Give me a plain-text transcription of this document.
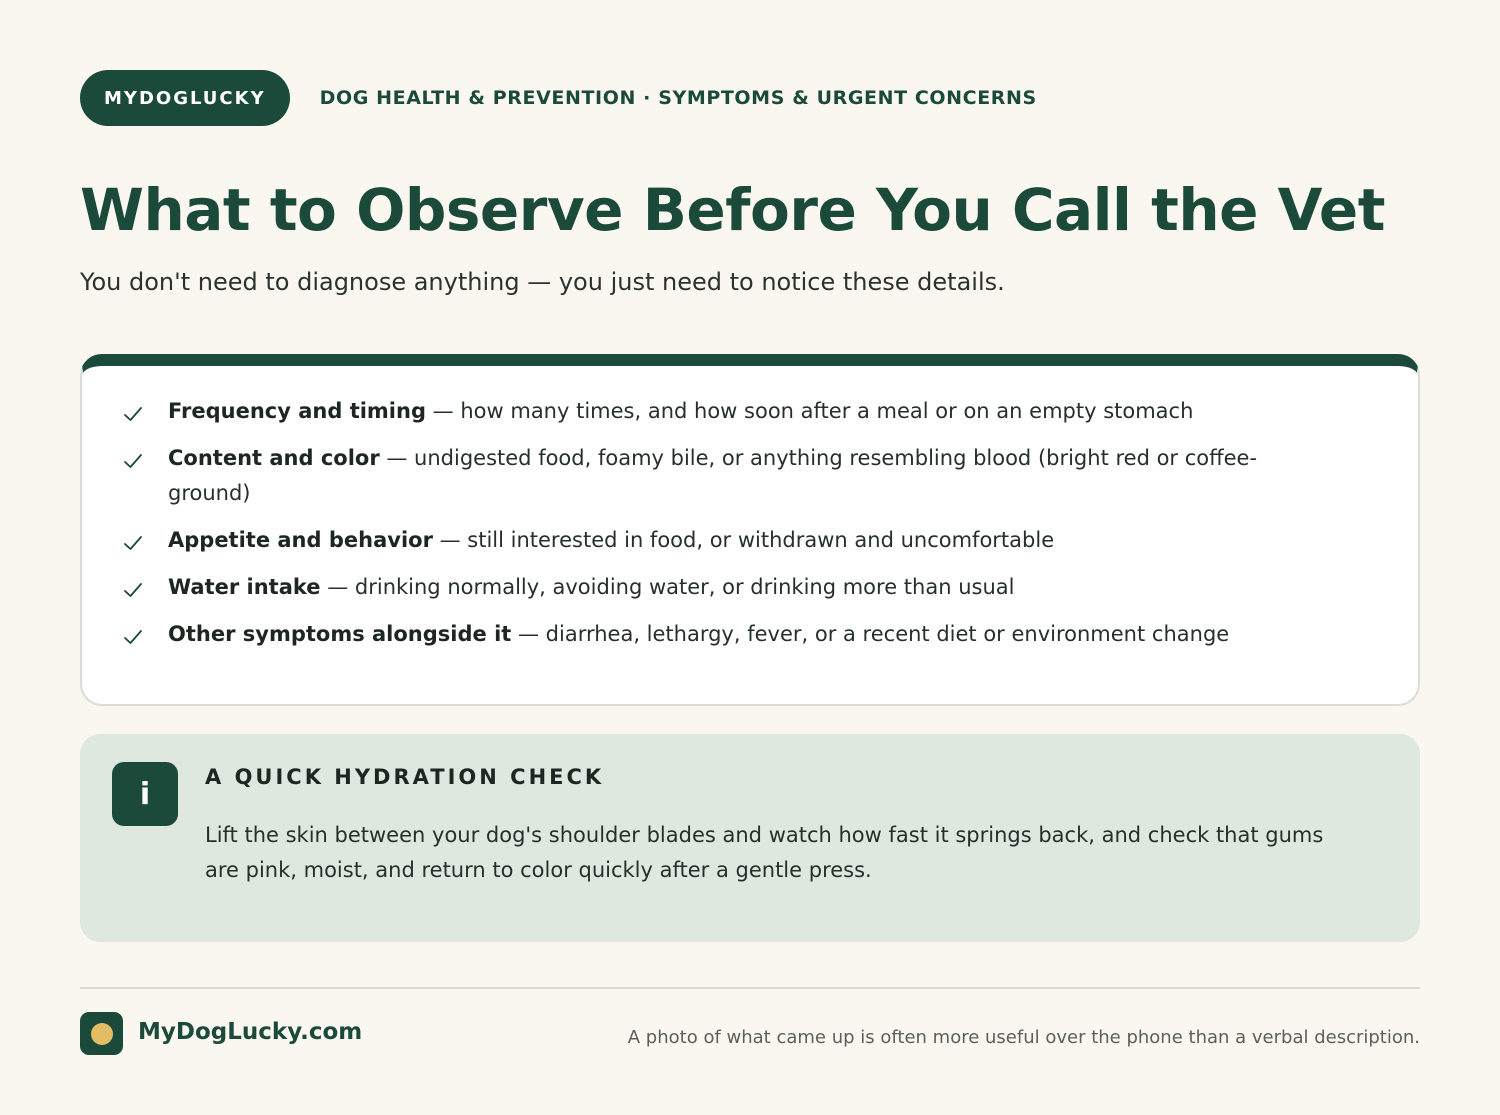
MYDOGLUCKY	DOG HEALTH & PREVENTION · SYMPTOMS & URGENT CONCERNS
What to Observe Before You Call the Vet
You don't need to diagnose anything — you just need to notice these details.
Frequency and timing — how many times, and how soon after a meal or on an empty stomach
Content and color — undigested food, foamy bile, or anything resembling blood (bright red or coffee-ground)
Appetite and behavior — still interested in food, or withdrawn and uncomfortable
Water intake — drinking normally, avoiding water, or drinking more than usual
Other symptoms alongside it — diarrhea, lethargy, fever, or a recent diet or environment change
i	A QUICK HYDRATION CHECK
Lift the skin between your dog's shoulder blades and watch how fast it springs back, and check that gums are pink, moist, and return to color quickly after a gentle press.
MyDogLucky.com	A photo of what came up is often more useful over the phone than a verbal description.
